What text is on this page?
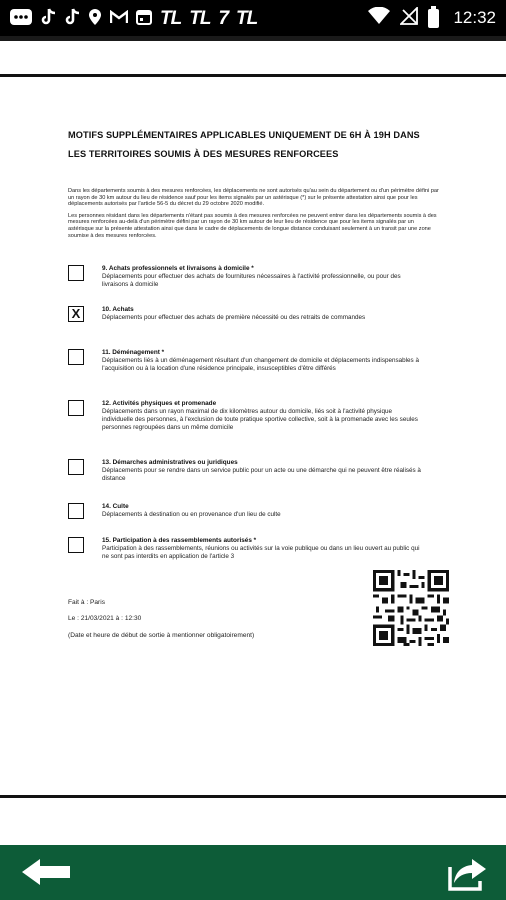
TL TL 7 TL	12:32
MOTIFS SUPPLÉMENTAIRES APPLICABLES UNIQUEMENT DE 6H À 19H DANS LES TERRITOIRES SOUMIS À DES MESURES RENFORCEES
Dans les départements soumis à des mesures renforcées, les déplacements ne sont autorisés qu'au sein du département ou d'un périmètre défini par un rayon de 30 km autour du lieu de résidence sauf pour les items signalés par un astérisque (*) sur le présente attestation ainsi que pour les déplacements autorisés par l'article 56-5 du décret du 29 octobre 2020 modifié.
Les personnes résidant dans les départements n'étant pas soumis à des mesures renforcées ne peuvent entrer dans les départements soumis à des mesures renforcées au-delà d'un périmètre défini par un rayon de 30 km autour de leur lieu de résidence que pour les items signalés par un astérisque sur la présente attestation ainsi que dans le cadre de déplacements de longue distance conduisant seulement à un transit par une zone soumise à des mesures renforcées.
9. Achats professionnels et livraisons à domicile *
Déplacements pour effectuer des achats de fournitures nécessaires à l'activité professionnelle, ou pour des livraisons à domicile
X	10. Achats
Déplacements pour effectuer des achats de première nécessité ou des retraits de commandes
11. Déménagement *
Déplacements liés à un déménagement résultant d'un changement de domicile et déplacements indispensables à l'acquisition ou à la location d'une résidence principale, insusceptibles d'être différés
12. Activités physiques et promenade
Déplacements dans un rayon maximal de dix kilomètres autour du domicile, liés soit à l'activité physique individuelle des personnes, à l'exclusion de toute pratique sportive collective, soit à la promenade avec les seules personnes regroupées dans un même domicile
13. Démarches administratives ou juridiques
Déplacements pour se rendre dans un service public pour un acte ou une démarche qui ne peuvent être réalisés à distance
14. Culte
Déplacements à destination ou en provenance d'un lieu de culte
15. Participation à des rassemblements autorisés *
Participation à des rassemblements, réunions ou activités sur la voie publique ou dans un lieu ouvert au public qui ne sont pas interdits en application de l'article 3
Fait à : Paris
Le : 21/03/2021 à : 12:30
(Date et heure de début de sortie à mentionner obligatoirement)
